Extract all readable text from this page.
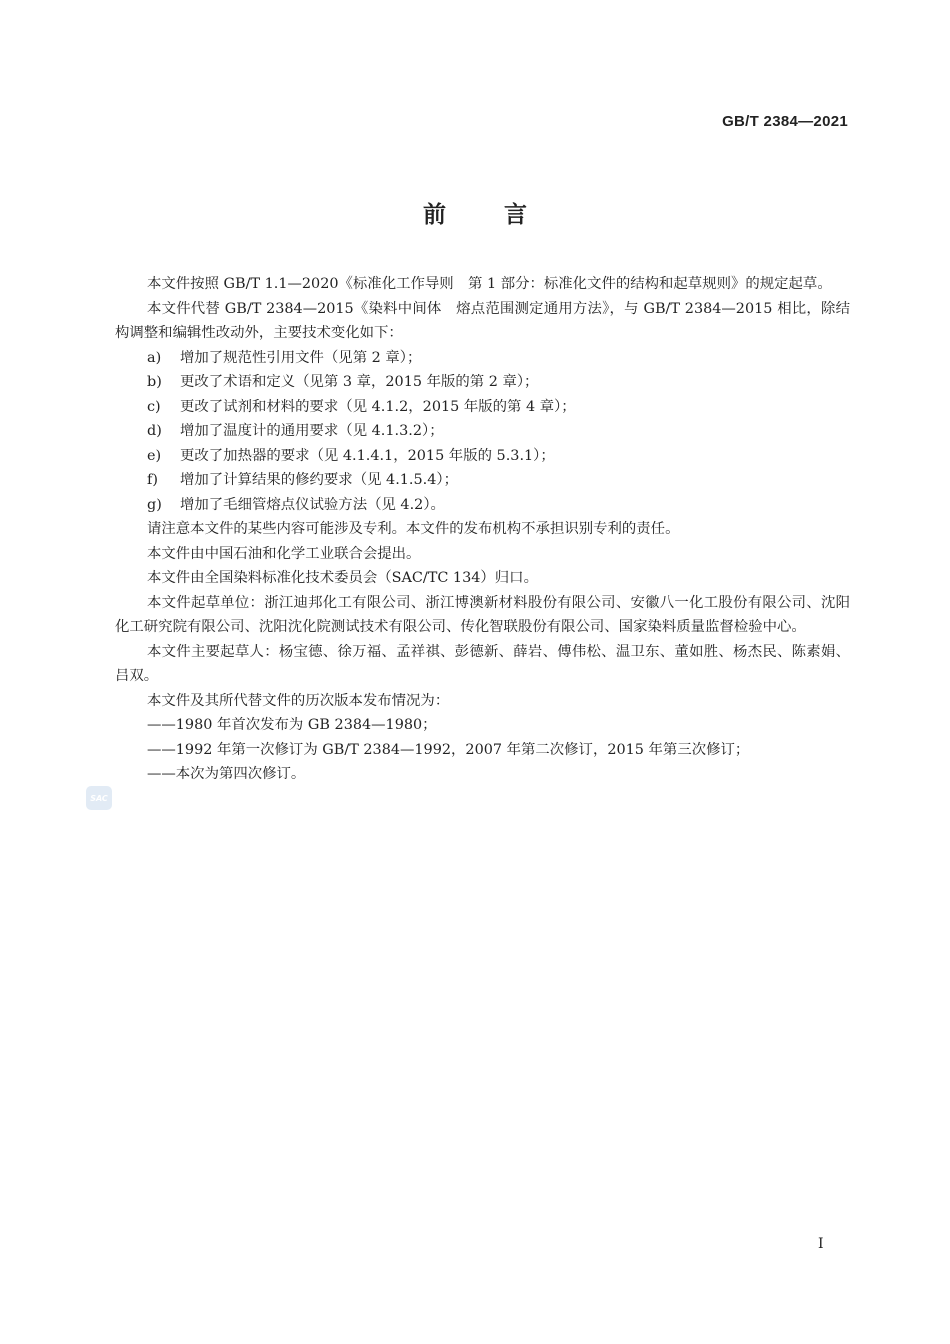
GB/T 2384—2021
前言
SAC

本文件按照 GB/T 1.1—2020《标准化工作导则　第 1 部分：标准化文件的结构和起草规则》的规定起草。

本文件代替 GB/T 2384—2015《染料中间体　熔点范围测定通用方法》，与 GB/T 2384—2015 相比，除结构调整和编辑性改动外，主要技术变化如下：

a) 增加了规范性引用文件（见第 2 章）；

b) 更改了术语和定义（见第 3 章，2015 年版的第 2 章）；

c) 更改了试剂和材料的要求（见 4.1.2，2015 年版的第 4 章）；

d) 增加了温度计的通用要求（见 4.1.3.2）；

e) 更改了加热器的要求（见 4.1.4.1，2015 年版的 5.3.1）；

f) 增加了计算结果的修约要求（见 4.1.5.4）；

g) 增加了毛细管熔点仪试验方法（见 4.2）。

请注意本文件的某些内容可能涉及专利。本文件的发布机构不承担识别专利的责任。

本文件由中国石油和化学工业联合会提出。

本文件由全国染料标准化技术委员会（SAC/TC 134）归口。

本文件起草单位：浙江迪邦化工有限公司、浙江博澳新材料股份有限公司、安徽八一化工股份有限公司、沈阳化工研究院有限公司、沈阳沈化院测试技术有限公司、传化智联股份有限公司、国家染料质量监督检验中心。

本文件主要起草人：杨宝德、徐万福、孟祥祺、彭德新、薛岩、傅伟松、温卫东、董如胜、杨杰民、陈素娟、吕双。

本文件及其所代替文件的历次版本发布情况为：

——1980 年首次发布为 GB 2384—1980；

——1992 年第一次修订为 GB/T 2384—1992，2007 年第二次修订，2015 年第三次修订；

——本次为第四次修订。

I
